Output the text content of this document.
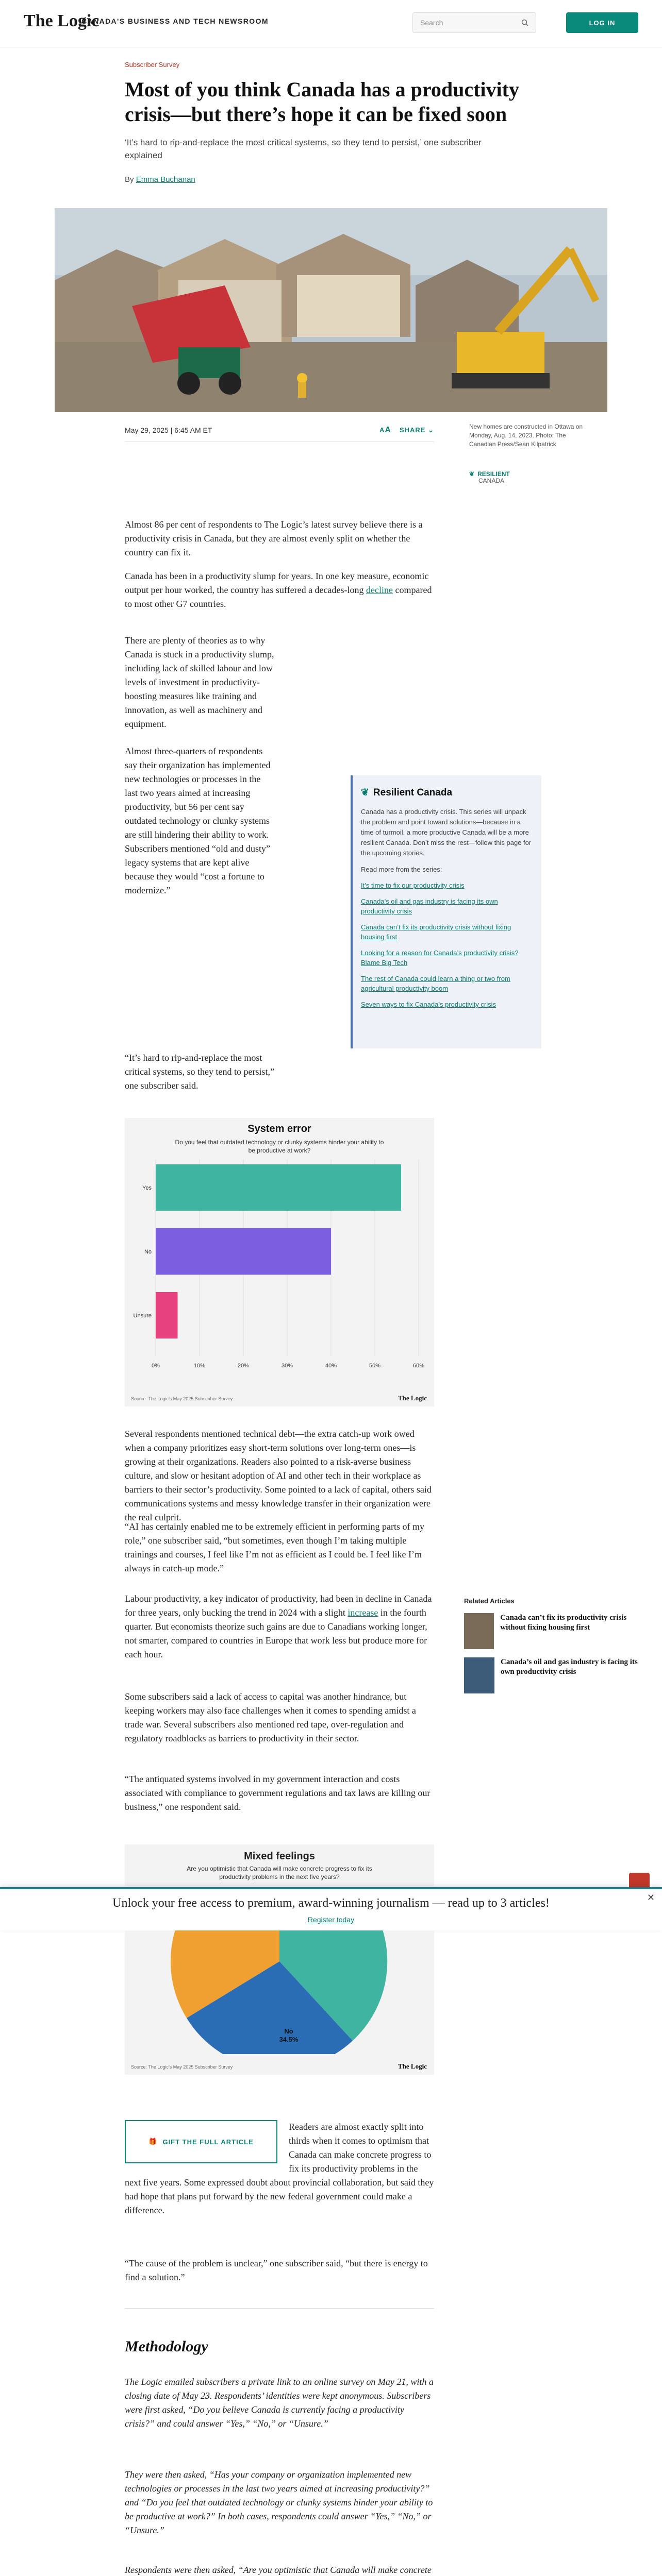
The Logic
CANADA'S BUSINESS AND TECH NEWSROOM	Search	LOG IN
Subscriber Survey
Most of you think Canada has a productivity crisis—but there’s hope it can be fixed soon

‘It’s hard to rip-and-replace the most critical systems, so they tend to persist,’ one subscriber explained

By Emma Buchanan
May 29, 2025 | 6:45 AM ET	AA SHARE ⌄	New homes are constructed in Ottawa on Monday, Aug. 14, 2023. Photo: The Canadian Press/Sean Kilpatrick

❦ RESILIENT
CANADA

Almost 86 per cent of respondents to The Logic’s latest survey believe there is a productivity crisis in Canada, but they are almost evenly split on whether the country can fix it.

Canada has been in a productivity slump for years. In one key measure, economic output per hour worked, the country has suffered a decades-long decline compared to most other G7 countries.

There are plenty of theories as to why Canada is stuck in a productivity slump, including lack of skilled labour and low levels of investment in productivity-boosting measures like training and innovation, as well as machinery and equipment.

Almost three-quarters of respondents say their organization has implemented new technologies or processes in the last two years aimed at increasing productivity, but 56 per cent say outdated technology or clunky systems are still hindering their ability to work. Subscribers mentioned “old and dusty” legacy systems that are kept alive because they would “cost a fortune to modernize.”

“It’s hard to rip-and-replace the most critical systems, so they tend to persist,” one subscriber said.

❦ Resilient Canada

Canada has a productivity crisis. This series will unpack the problem and point toward solutions—because in a time of turmoil, a more productive Canada will be a more resilient Canada. Don’t miss the rest—follow this page for the upcoming stories.

Read more from the series:

It’s time to fix our productivity crisis

Canada’s oil and gas industry is facing its own productivity crisis

Canada can’t fix its productivity crisis without fixing housing first

Looking for a reason for Canada’s productivity crisis? Blame Big Tech

The rest of Canada could learn a thing or two from agricultural productivity boom

Seven ways to fix Canada’s productivity crisis

System error
Do you feel that outdated technology or clunky systems hinder your ability to be productive at work?
0%	10%	20%	30%	40%	50%	60%
Yes
No
Unsure
Source: The Logic’s May 2025 Subscriber Survey	The Logic

Several respondents mentioned technical debt—the extra catch-up work owed when a company prioritizes easy short-term solutions over long-term ones—is growing at their organizations. Readers also pointed to a risk-averse business culture, and slow or hesitant adoption of AI and other tech in their workplace as barriers to their sector’s productivity. Some pointed to a lack of capital, others said communications systems and messy knowledge transfer in their organization were the real culprit.

“AI has certainly enabled me to be extremely efficient in performing parts of my role,” one subscriber said, “but sometimes, even though I’m taking multiple trainings and courses, I feel like I’m not as efficient as I could be. I feel like I’m always in catch-up mode.”

Labour productivity, a key indicator of productivity, had been in decline in Canada for three years, only bucking the trend in 2024 with a slight increase in the fourth quarter. But economists theorize such gains are due to Canadians working longer, not smarter, compared to countries in Europe that work less but produce more for each hour.

Some subscribers said a lack of access to capital was another hindrance, but keeping workers may also face challenges when it comes to spending amidst a trade war. Several subscribers also mentioned red tape, over-regulation and regulatory roadblocks as barriers to productivity in their sector.

“The antiquated systems involved in my government interaction and costs associated with compliance to government regulations and tax laws are killing our business,” one respondent said.

Related Articles
Canada can’t fix its productivity crisis without fixing housing first
Canada’s oil and gas industry is facing its own productivity crisis
Mixed feelings
Are you optimistic that Canada will make concrete progress to fix its productivity problems in the next five years?
Unlock your free access to premium, award-winning journalism — read up to 3 articles!
Register today
✕
No
34.5%
Source: The Logic’s May 2025 Subscriber Survey	The Logic
🎁 GIFT THE FULL ARTICLE

Readers are almost exactly split into thirds when it comes to optimism that Canada can make concrete progress to fix its productivity problems in the next five years. Some expressed doubt about provincial collaboration, but said they had hope that plans put forward by the new federal government could make a difference.

“The cause of the problem is unclear,” one subscriber said, “but there is energy to find a solution.”

Methodology

The Logic emailed subscribers a private link to an online survey on May 21, with a closing date of May 23. Respondents’ identities were kept anonymous. Subscribers were first asked, “Do you believe Canada is currently facing a productivity crisis?” and could answer “Yes,” “No,” or “Unsure.”

They were then asked, “Has your company or organization implemented new technologies or processes in the last two years aimed at increasing productivity?” and “Do you feel that outdated technology or clunky systems hinder your ability to be productive at work?” In both cases, respondents could answer “Yes,” “No,” or “Unsure.”

Respondents were then asked, “Are you optimistic that Canada will make concrete
